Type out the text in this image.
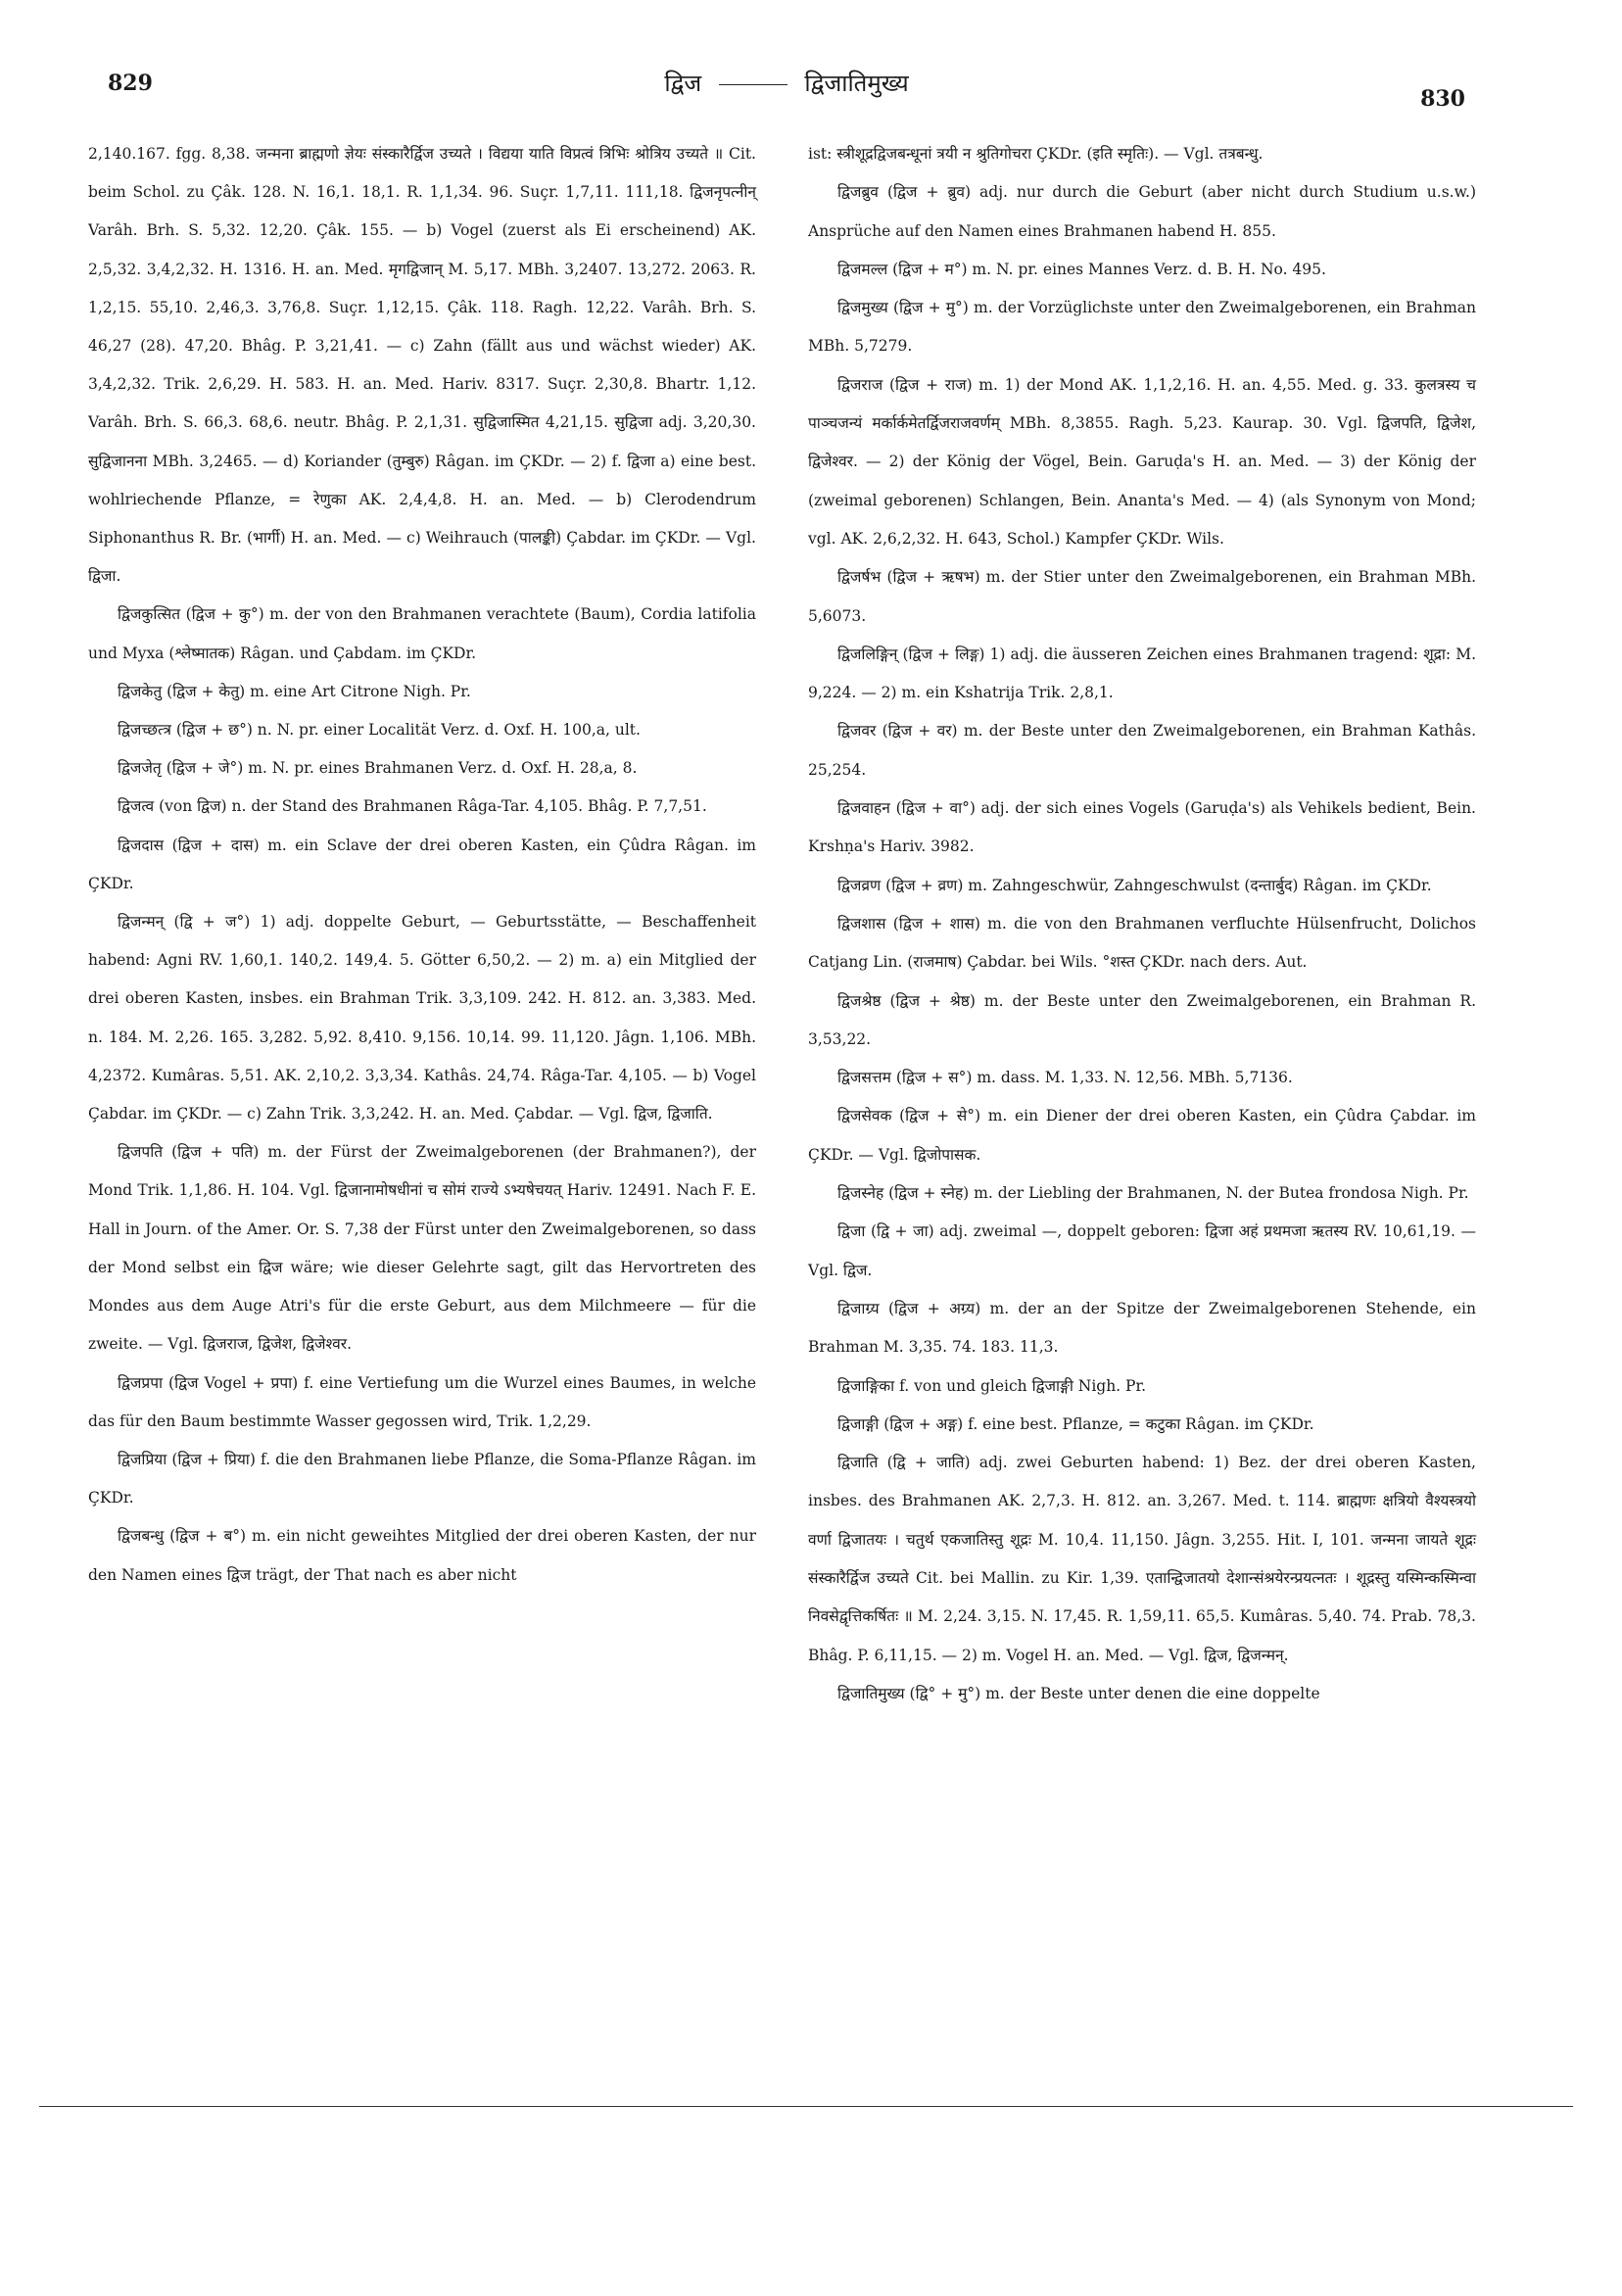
829	द्विज	द्विजातिमुख्य
830

2,140.167. fgg. 8,38. जन्मना ब्राह्मणो ज्ञेयः संस्कारैर्द्विज उच्यते । विद्यया याति विप्रत्वं त्रिभिः श्रोत्रिय उच्यते ॥ Cit. beim Schol. zu Çâk. 128. N. 16,1. 18,1. R. 1,1,34. 96. Suçr. 1,7,11. 111,18. द्विजनृपत्नीन् Varâh. Brh. S. 5,32. 12,20. Çâk. 155. — b) Vogel (zuerst als Ei erscheinend) AK. 2,5,32. 3,4,2,32. H. 1316. H. an. Med. मृगद्विजान् M. 5,17. MBh. 3,2407. 13,272. 2063. R. 1,2,15. 55,10. 2,46,3. 3,76,8. Suçr. 1,12,15. Çâk. 118. Ragh. 12,22. Varâh. Brh. S. 46,27 (28). 47,20. Bhâg. P. 3,21,41. — c) Zahn (fällt aus und wächst wieder) AK. 3,4,2,32. Trik. 2,6,29. H. 583. H. an. Med. Hariv. 8317. Suçr. 2,30,8. Bhartr. 1,12. Varâh. Brh. S. 66,3. 68,6. neutr. Bhâg. P. 2,1,31. सुद्विजास्मित 4,21,15. सुद्विजा adj. 3,20,30. सुद्विजानना MBh. 3,2465. — d) Koriander (तुम्बुरु) Râgan. im ÇKDr. — 2) f. द्विजा a) eine best. wohlriechende Pflanze, = रेणुका AK. 2,4,4,8. H. an. Med. — b) Clerodendrum Siphonanthus R. Br. (भार्गी) H. an. Med. — c) Weihrauch (पालङ्की) Çabdar. im ÇKDr. — Vgl. द्विजा.

द्विजकुत्सित (द्विज + कु°) m. der von den Brahmanen verachtete (Baum), Cordia latifolia und Myxa (श्लेष्मातक) Râgan. und Çabdam. im ÇKDr.

द्विजकेतु (द्विज + केतु) m. eine Art Citrone Nigh. Pr.

द्विजच्छत्त्र (द्विज + छ°) n. N. pr. einer Localität Verz. d. Oxf. H. 100,a, ult.

द्विजजेतृ (द्विज + जे°) m. N. pr. eines Brahmanen Verz. d. Oxf. H. 28,a, 8.

द्विजत्व (von द्विज) n. der Stand des Brahmanen Râga-Tar. 4,105. Bhâg. P. 7,7,51.

द्विजदास (द्विज + दास) m. ein Sclave der drei oberen Kasten, ein Çûdra Râgan. im ÇKDr.

द्विजन्मन् (द्वि + ज°) 1) adj. doppelte Geburt, — Geburtsstätte, — Beschaffenheit habend: Agni RV. 1,60,1. 140,2. 149,4. 5. Götter 6,50,2. — 2) m. a) ein Mitglied der drei oberen Kasten, insbes. ein Brahman Trik. 3,3,109. 242. H. 812. an. 3,383. Med. n. 184. M. 2,26. 165. 3,282. 5,92. 8,410. 9,156. 10,14. 99. 11,120. Jâgn. 1,106. MBh. 4,2372. Kumâras. 5,51. AK. 2,10,2. 3,3,34. Kathâs. 24,74. Râga-Tar. 4,105. — b) Vogel Çabdar. im ÇKDr. — c) Zahn Trik. 3,3,242. H. an. Med. Çabdar. — Vgl. द्विज, द्विजाति.

द्विजपति (द्विज + पति) m. der Fürst der Zweimalgeborenen (der Brahmanen?), der Mond Trik. 1,1,86. H. 104. Vgl. द्विजानामोषधीनां च सोमं राज्ये ऽभ्यषेचयत् Hariv. 12491. Nach F. E. Hall in Journ. of the Amer. Or. S. 7,38 der Fürst unter den Zweimalgeborenen, so dass der Mond selbst ein द्विज wäre; wie dieser Gelehrte sagt, gilt das Hervortreten des Mondes aus dem Auge Atri's für die erste Geburt, aus dem Milchmeere — für die zweite. — Vgl. द्विजराज, द्विजेश, द्विजेश्वर.

द्विजप्रपा (द्विज Vogel + प्रपा) f. eine Vertiefung um die Wurzel eines Baumes, in welche das für den Baum bestimmte Wasser gegossen wird, Trik. 1,2,29.

द्विजप्रिया (द्विज + प्रिया) f. die den Brahmanen liebe Pflanze, die Soma-Pflanze Râgan. im ÇKDr.

द्विजबन्धु (द्विज + ब°) m. ein nicht geweihtes Mitglied der drei oberen Kasten, der nur den Namen eines द्विज trägt, der That nach es aber nicht

ist: स्त्रीशूद्रद्विजबन्धूनां त्रयी न श्रुतिगोचरा ÇKDr. (इति स्मृतिः). — Vgl. तत्रबन्धु.

द्विजब्रुव (द्विज + ब्रुव) adj. nur durch die Geburt (aber nicht durch Studium u.s.w.) Ansprüche auf den Namen eines Brahmanen habend H. 855.

द्विजमल्ल (द्विज + म°) m. N. pr. eines Mannes Verz. d. B. H. No. 495.

द्विजमुख्य (द्विज + मु°) m. der Vorzüglichste unter den Zweimalgeborenen, ein Brahman MBh. 5,7279.

द्विजराज (द्विज + राज) m. 1) der Mond AK. 1,1,2,16. H. an. 4,55. Med. g. 33. कुलत्रस्य च पाञ्चजन्यं मर्कार्कमेतर्द्विजराजवर्णम् MBh. 8,3855. Ragh. 5,23. Kaurap. 30. Vgl. द्विजपति, द्विजेश, द्विजेश्वर. — 2) der König der Vögel, Bein. Garuḍa's H. an. Med. — 3) der König der (zweimal geborenen) Schlangen, Bein. Ananta's Med. — 4) (als Synonym von Mond; vgl. AK. 2,6,2,32. H. 643, Schol.) Kampfer ÇKDr. Wils.

द्विजर्षभ (द्विज + ऋषभ) m. der Stier unter den Zweimalgeborenen, ein Brahman MBh. 5,6073.

द्विजलिङ्गिन् (द्विज + लिङ्ग) 1) adj. die äusseren Zeichen eines Brahmanen tragend: शूद्रा: M. 9,224. — 2) m. ein Kshatrija Trik. 2,8,1.

द्विजवर (द्विज + वर) m. der Beste unter den Zweimalgeborenen, ein Brahman Kathâs. 25,254.

द्विजवाहन (द्विज + वा°) adj. der sich eines Vogels (Garuḍa's) als Vehikels bedient, Bein. Krshṇa's Hariv. 3982.

द्विजव्रण (द्विज + व्रण) m. Zahngeschwür, Zahngeschwulst (दन्तार्बुद) Râgan. im ÇKDr.

द्विजशास (द्विज + शास) m. die von den Brahmanen verfluchte Hülsenfrucht, Dolichos Catjang Lin. (राजमाष) Çabdar. bei Wils. °शस्त ÇKDr. nach ders. Aut.

द्विजश्रेष्ठ (द्विज + श्रेष्ठ) m. der Beste unter den Zweimalgeborenen, ein Brahman R. 3,53,22.

द्विजसत्तम (द्विज + स°) m. dass. M. 1,33. N. 12,56. MBh. 5,7136.

द्विजसेवक (द्विज + से°) m. ein Diener der drei oberen Kasten, ein Çûdra Çabdar. im ÇKDr. — Vgl. द्विजोपासक.

द्विजस्नेह (द्विज + स्नेह) m. der Liebling der Brahmanen, N. der Butea frondosa Nigh. Pr.

द्विजा (द्वि + जा) adj. zweimal —, doppelt geboren: द्विजा अहं प्रथमजा ऋतस्य RV. 10,61,19. — Vgl. द्विज.

द्विजाग्र्य (द्विज + अग्र्य) m. der an der Spitze der Zweimalgeborenen Stehende, ein Brahman M. 3,35. 74. 183. 11,3.

द्विजाङ्गिका f. von und gleich द्विजाङ्गी Nigh. Pr.

द्विजाङ्गी (द्विज + अङ्ग) f. eine best. Pflanze, = कटुका Râgan. im ÇKDr.

द्विजाति (द्वि + जाति) adj. zwei Geburten habend: 1) Bez. der drei oberen Kasten, insbes. des Brahmanen AK. 2,7,3. H. 812. an. 3,267. Med. t. 114. ब्राह्मणः क्षत्रियो वैश्यस्त्रयो वर्णा द्विजातयः । चतुर्थ एकजातिस्तु शूद्रः M. 10,4. 11,150. Jâgn. 3,255. Hit. I, 101. जन्मना जायते शूद्रः संस्कारैर्द्विज उच्यते Cit. bei Mallin. zu Kir. 1,39. एतान्द्विजातयो देशान्संश्रयेरन्प्रयत्नतः । शूद्रस्तु यस्मिन्कस्मिन्वा निवसेद्वृत्तिकर्षितः ॥ M. 2,24. 3,15. N. 17,45. R. 1,59,11. 65,5. Kumâras. 5,40. 74. Prab. 78,3. Bhâg. P. 6,11,15. — 2) m. Vogel H. an. Med. — Vgl. द्विज, द्विजन्मन्.

द्विजातिमुख्य (द्वि° + मु°) m. der Beste unter denen die eine doppelte
